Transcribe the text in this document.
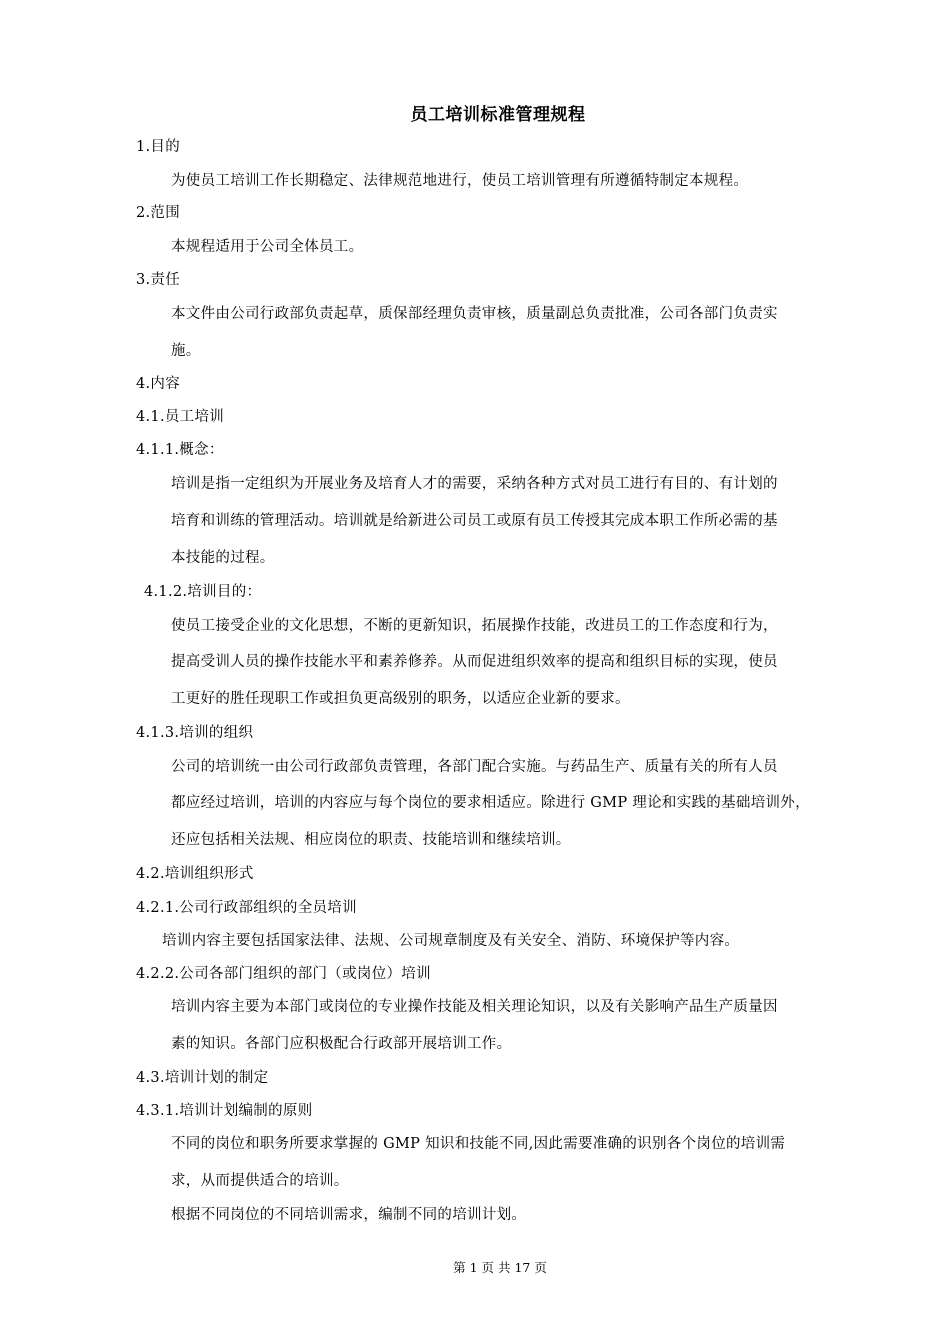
员工培训标准管理规程
1.目的
为使员工培训工作长期稳定、法律规范地进行，使员工培训管理有所遵循特制定本规程。
2.范围
本规程适用于公司全体员工。
3.责任
本文件由公司行政部负责起草，质保部经理负责审核，质量副总负责批准，公司各部门负责实
施。
4.内容
4.1.员工培训
4.1.1.概念：
培训是指一定组织为开展业务及培育人才的需要，采纳各种方式对员工进行有目的、有计划的
培育和训练的管理活动。培训就是给新进公司员工或原有员工传授其完成本职工作所必需的基
本技能的过程。
4.1.2.培训目的：
使员工接受企业的文化思想，不断的更新知识，拓展操作技能，改进员工的工作态度和行为，
提高受训人员的操作技能水平和素养修养。从而促进组织效率的提高和组织目标的实现，使员
工更好的胜任现职工作或担负更高级别的职务，以适应企业新的要求。
4.1.3.培训的组织
公司的培训统一由公司行政部负责管理，各部门配合实施。与药品生产、质量有关的所有人员
都应经过培训，培训的内容应与每个岗位的要求相适应。除进行 GMP 理论和实践的基础培训外，
还应包括相关法规、相应岗位的职责、技能培训和继续培训。
4.2.培训组织形式
4.2.1.公司行政部组织的全员培训
培训内容主要包括国家法律、法规、公司规章制度及有关安全、消防、环境保护等内容。
4.2.2.公司各部门组织的部门（或岗位）培训
培训内容主要为本部门或岗位的专业操作技能及相关理论知识，以及有关影响产品生产质量因
素的知识。各部门应积极配合行政部开展培训工作。
4.3.培训计划的制定
4.3.1.培训计划编制的原则
不同的岗位和职务所要求掌握的 GMP 知识和技能不同,因此需要准确的识别各个岗位的培训需
求，从而提供适合的培训。
根据不同岗位的不同培训需求，编制不同的培训计划。
第 1 页 共 17 页
